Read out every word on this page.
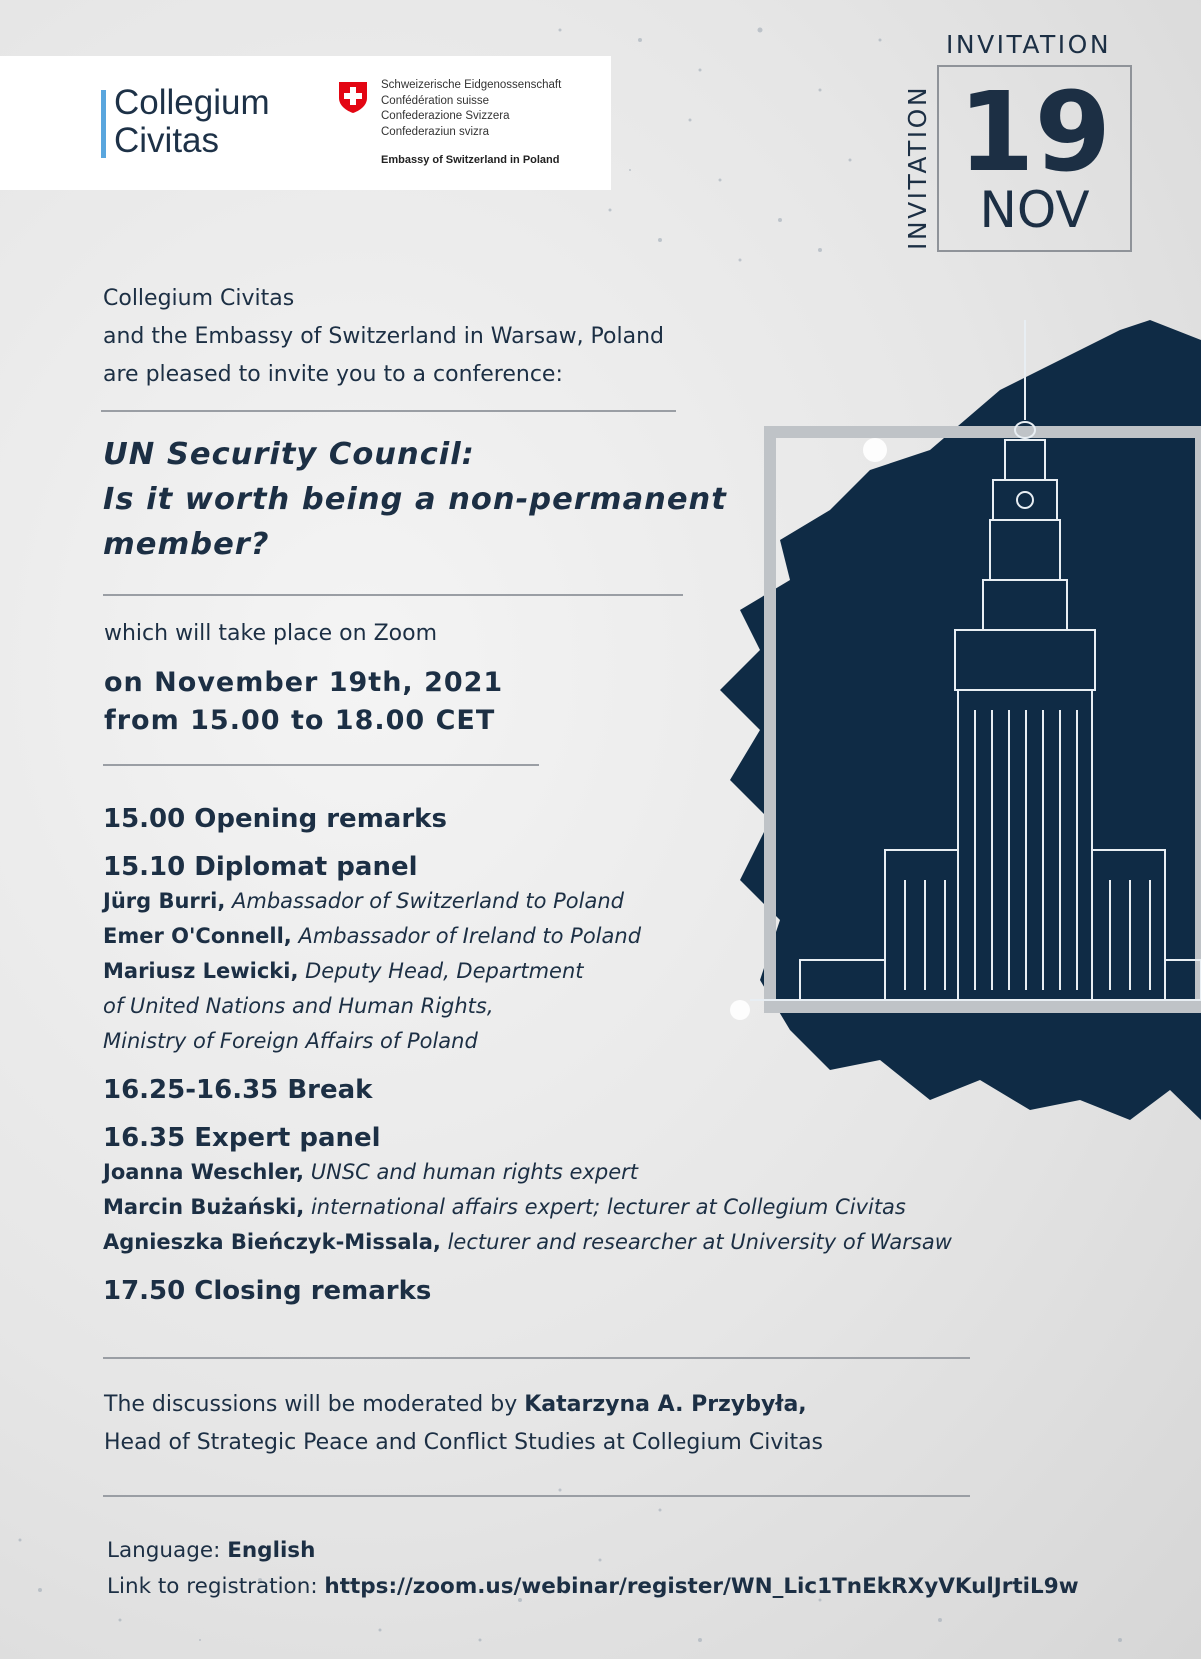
Collegium
Civitas
Schweizerische Eidgenossenschaft
Confédération suisse
Confederazione Svizzera
Confederaziun svizra
Embassy of Switzerland in Poland
INVITATION
INVITATION 19
NOV
Collegium Civitas
and the Embassy of Switzerland in Warsaw, Poland
are pleased to invite you to a conference:
UN Security Council:
Is it worth being a non-permanent
member?
which will take place on Zoom
on November 19th, 2021
from 15.00 to 18.00 CET

15.00 Opening remarks

15.10 Diplomat panel

Jürg Burri, Ambassador of Switzerland to Poland

Emer O'Connell, Ambassador of Ireland to Poland

Mariusz Lewicki, Deputy Head, Department

of United Nations and Human Rights,

Ministry of Foreign Affairs of Poland

16.25-16.35 Break

16.35 Expert panel

Joanna Weschler, UNSC and human rights expert

Marcin Bużański, international affairs expert; lecturer at Collegium Civitas

Agnieszka Bieńczyk-Missala, lecturer and researcher at University of Warsaw

17.50 Closing remarks

The discussions will be moderated by Katarzyna A. Przybyła,
Head of Strategic Peace and Conflict Studies at Collegium Civitas
Language: English
Link to registration: https://zoom.us/webinar/register/WN_Lic1TnEkRXyVKulJrtiL9w
